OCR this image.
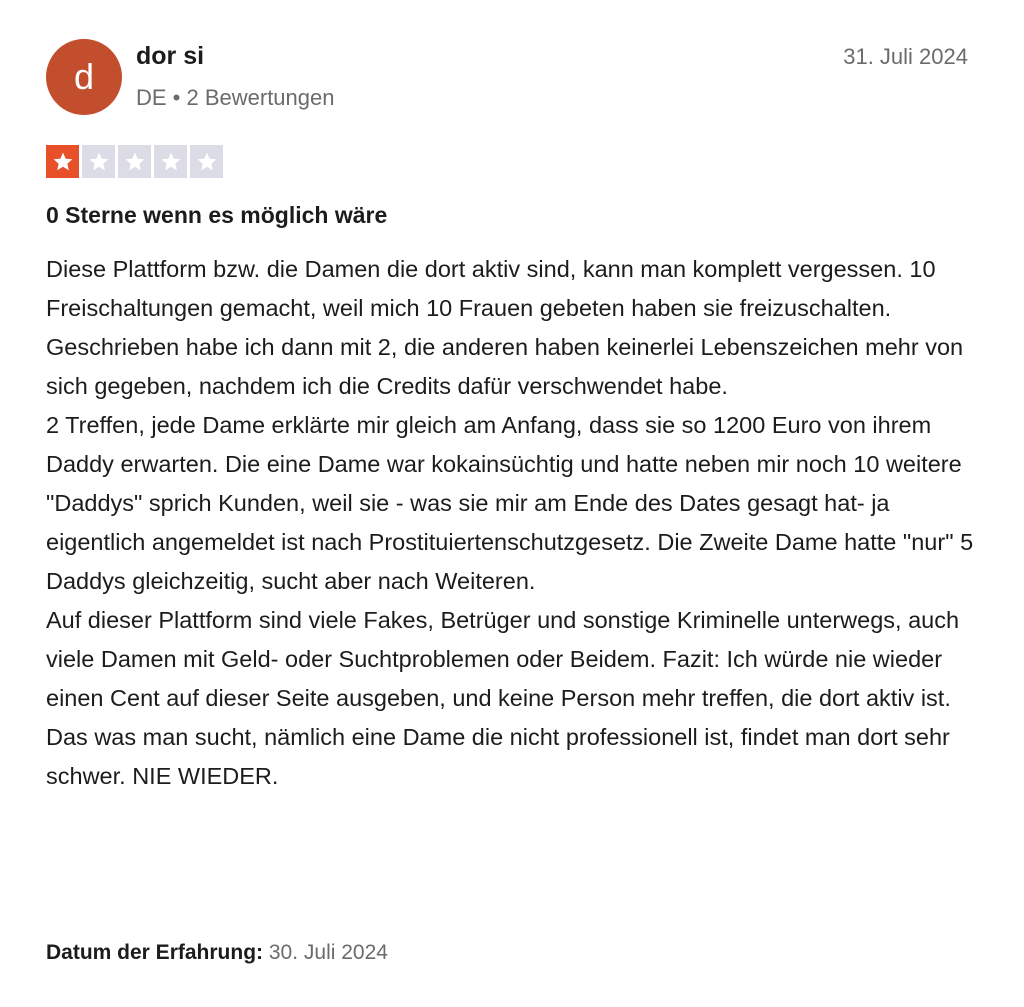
d	dor si
DE • 2 Bewertungen
31. Juli 2024
0 Sterne wenn es möglich wäre

Diese Plattform bzw. die Damen die dort aktiv sind, kann man komplett vergessen. 10 Freischaltungen gemacht, weil mich 10 Frauen gebeten haben sie freizuschalten. Geschrieben habe ich dann mit 2, die anderen haben keinerlei Lebenszeichen mehr von sich gegeben, nachdem ich die Credits dafür verschwendet habe.

2 Treffen, jede Dame erklärte mir gleich am Anfang, dass sie so 1200 Euro von ihrem Daddy erwarten. Die eine Dame war kokainsüchtig und hatte neben mir noch 10 weitere "Daddys" sprich Kunden, weil sie - was sie mir am Ende des Dates gesagt hat- ja eigentlich angemeldet ist nach Prostituiertenschutzgesetz. Die Zweite Dame hatte "nur" 5 Daddys gleichzeitig, sucht aber nach Weiteren.

Auf dieser Plattform sind viele Fakes, Betrüger und sonstige Kriminelle unterwegs, auch viele Damen mit Geld- oder Suchtproblemen oder Beidem. Fazit: Ich würde nie wieder einen Cent auf dieser Seite ausgeben, und keine Person mehr treffen, die dort aktiv ist. Das was man sucht, nämlich eine Dame die nicht professionell ist, findet man dort sehr schwer. NIE WIEDER.

Datum der Erfahrung: 30. Juli 2024
